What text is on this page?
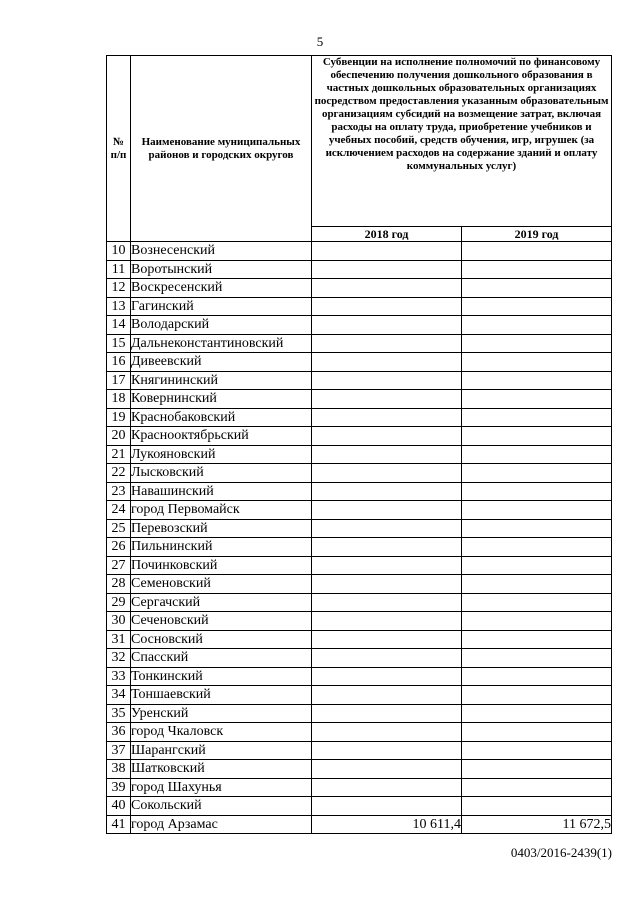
5
№ п/п	Наименование муниципальных районов и городских округов	Субвенции на исполнение полномочий по финансовому обеспечению получения дошкольного образования в частных дошкольных образовательных организациях посредством предоставления указанным образовательным организациям субсидий на возмещение затрат, включая расходы на оплату труда, приобретение учебников и учебных пособий, средств обучения, игр, игрушек (за исключением расходов на содержание зданий и оплату коммунальных услуг)	
		2018 год	2019 год
10	Вознесенский		
11	Воротынский		
12	Воскресенский		
13	Гагинский		
14	Володарский		
15	Дальнеконстантиновский		
16	Дивеевский		
17	Княгининский		
18	Ковернинский		
19	Краснобаковский		
20	Краснооктябрьский		
21	Лукояновский		
22	Лысковский		
23	Навашинский		
24	город Первомайск		
25	Перевозский		
26	Пильнинский		
27	Починковский		
28	Семеновский		
29	Сергачский		
30	Сеченовский		
31	Сосновский		
32	Спасский		
33	Тонкинский		
34	Тоншаевский		
35	Уренский		
36	город Чкаловск		
37	Шарангский		
38	Шатковский		
39	город Шахунья		
40	Сокольский		
41	город Арзамас	10 611,4	11 672,5
0403/2016-2439(1)
